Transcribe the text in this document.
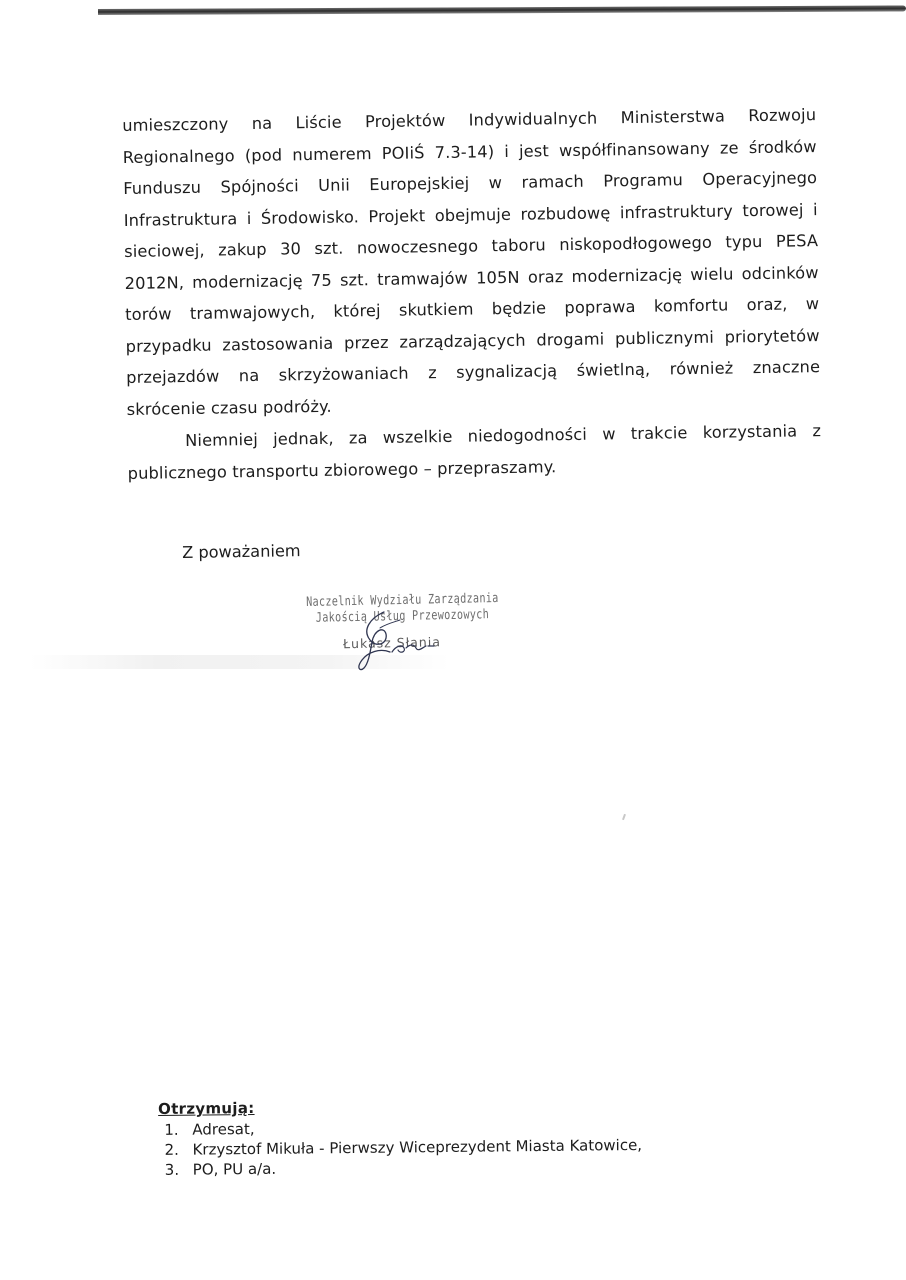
umieszczony na Liście Projektów Indywidualnych Ministerstwa Rozwoju
Regionalnego (pod numerem POIiŚ 7.3-14) i jest współfinansowany ze środków
Funduszu Spójności Unii Europejskiej w ramach Programu Operacyjnego
Infrastruktura i Środowisko. Projekt obejmuje rozbudowę infrastruktury torowej i
sieciowej, zakup 30 szt. nowoczesnego taboru niskopodłogowego typu PESA
2012N, modernizację 75 szt. tramwajów 105N oraz modernizację wielu odcinków
torów tramwajowych, której skutkiem będzie poprawa komfortu oraz, w
przypadku zastosowania przez zarządzających drogami publicznymi priorytetów
przejazdów na skrzyżowaniach z sygnalizacją świetlną, również znaczne
skrócenie czasu podróży.
Niemniej jednak, za wszelkie niedogodności w trakcie korzystania z
publicznego transportu zbiorowego – przepraszamy.
Z poważaniem
Naczelnik Wydziału Zarządzania
Jakością Usług Przewozowych
Łukasz Słania
Otrzymują:
1. Adresat,
2. Krzysztof Mikuła - Pierwszy Wiceprezydent Miasta Katowice,
3. PO, PU a/a.
